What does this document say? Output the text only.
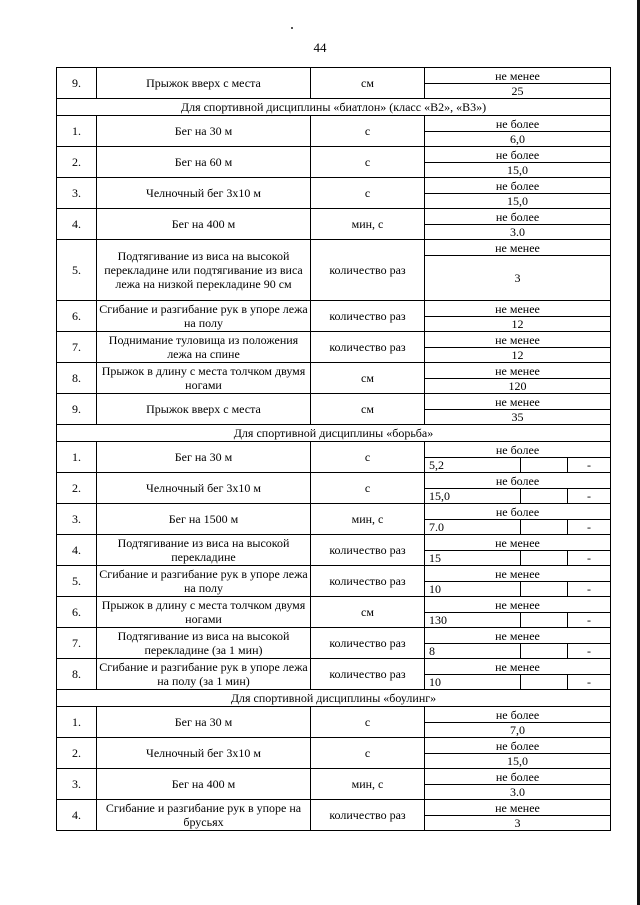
44
9.	Прыжок вверх с места	см	не менее
			25
Для спортивной дисциплины «биатлон» (класс «В2», «В3»)			
1.	Бег на 30 м	с	не более
			6,0
2.	Бег на 60 м	с	не более
			15,0
3.	Челночный бег 3х10 м	с	не более
			15,0
4.	Бег на 400 м	мин, с	не более
			3.0
5.	Подтягивание из виса на высокой перекладине или подтягивание из виса лежа на низкой перекладине 90 см	количество раз	не менее
			3
6.	Сгибание и разгибание рук в упоре лежа на полу	количество раз	не менее
			12
7.	Поднимание туловища из положения лежа на спине	количество раз	не менее
			12
8.	Прыжок в длину с места толчком двумя ногами	см	не менее
			120
9.	Прыжок вверх с места	см	не менее
			35
Для спортивной дисциплины «борьба»			
1.	Бег на 30 м	с	не более

			5,2 -

2.	Челночный бег 3х10 м	с	не более

			15,0 -

3.	Бег на 1500 м	мин, с	не более

			7.0 -

4.	Подтягивание из виса на высокой перекладине	количество раз	не менее

			15 -

5.	Сгибание и разгибание рук в упоре лежа на полу	количество раз	не менее

			10 -

6.	Прыжок в длину с места толчком двумя ногами	см	не менее

			130 -

7.	Подтягивание из виса на высокой перекладине (за 1 мин)	количество раз	не менее

			8 -

8.	Сгибание и разгибание рук в упоре лежа на полу (за 1 мин)	количество раз	не менее

			10 -

Для спортивной дисциплины «боулинг»			
1.	Бег на 30 м	с	не более
			7,0
2.	Челночный бег 3х10 м	с	не более
			15,0
3.	Бег на 400 м	мин, с	не более
			3.0
4.	Сгибание и разгибание рук в упоре на брусьях	количество раз	не менее
			3
